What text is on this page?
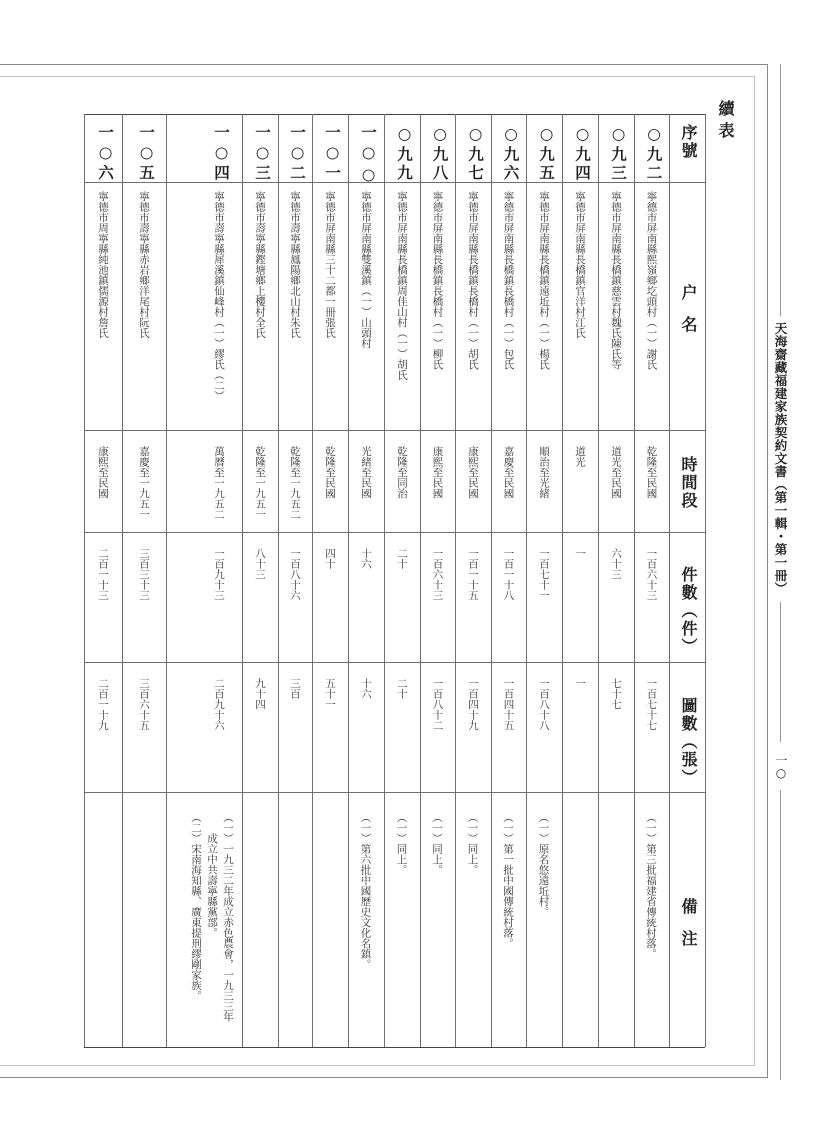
續表
天海齋藏福建家族契約文書（第一輯・第一冊）
一○
序號
户名
時間段
件數（件）
圖數（張）
備注
○九二
寧德市屏南縣熙嶺鄉圪頭村（一）謝氏
乾隆至民國
一百六十三
一百七十七
（一）第三批福建省傳統村落。
○九三
寧德市屏南縣長橋鎮慈雲村魏氏陳氏等
道光至民國
六十三
七十七
○九四
寧德市屏南縣長橋鎮官洋村江氏
道光
一
一
○九五
寧德市屏南縣長橋鎮遠坵村（一）楊氏
順治至光緒
一百七十一
一百八十八
（一）原名悠遠坵村。
○九六
寧德市屏南縣長橋鎮長橋村（一）包氏
嘉慶至民國
一百一十八
一百四十五
（一）第一批中國傳統村落。
○九七
寧德市屏南縣長橋鎮長橋村（一）胡氏
康熙至民國
一百一十五
一百四十九
（一）同上。
○九八
寧德市屏南縣長橋鎮長橋村（一）柳氏
康熙至民國
一百六十三
一百八十二
（一）同上。
○九九
寧德市屏南縣長橋鎮周佳山村（一）胡氏
乾隆至同治
二十
二十
（一）同上。
一○○
寧德市屏南縣雙溪鎮（一）山頭村
光緒至民國
十六
十六
（一）第六批中國歷史文化名鎮。
一○一
寧德市屏南縣三十二都一冊張氏
乾隆至民國
四十
五十一
一○二
寧德市壽寧縣鳳陽鄉北山村朱氏
乾隆至一九五二
一百八十六
三百
一○三
寧德市壽寧縣鏗塘鄉上樓村全氏
乾隆至一九五一
八十三
九十四
一○四
寧德市壽寧縣犀溪鎮仙峰村（一）繆氏（二）
萬曆至一九五二
一百九十三
二百九十六
（一）一九三二年成立赤色農會，一九三三年
　　成立中共壽寧縣黨部。
（二）宋南海知縣、廣東提刑繆剛家族。
一○五
寧德市壽寧縣赤岩鄉洋尾村阮氏
嘉慶至一九五一
三百三十三
三百六十五
一○六
寧德市周寧縣純池鎮儒源村詹氏
康熙至民國
二百一十三
二百一十九
